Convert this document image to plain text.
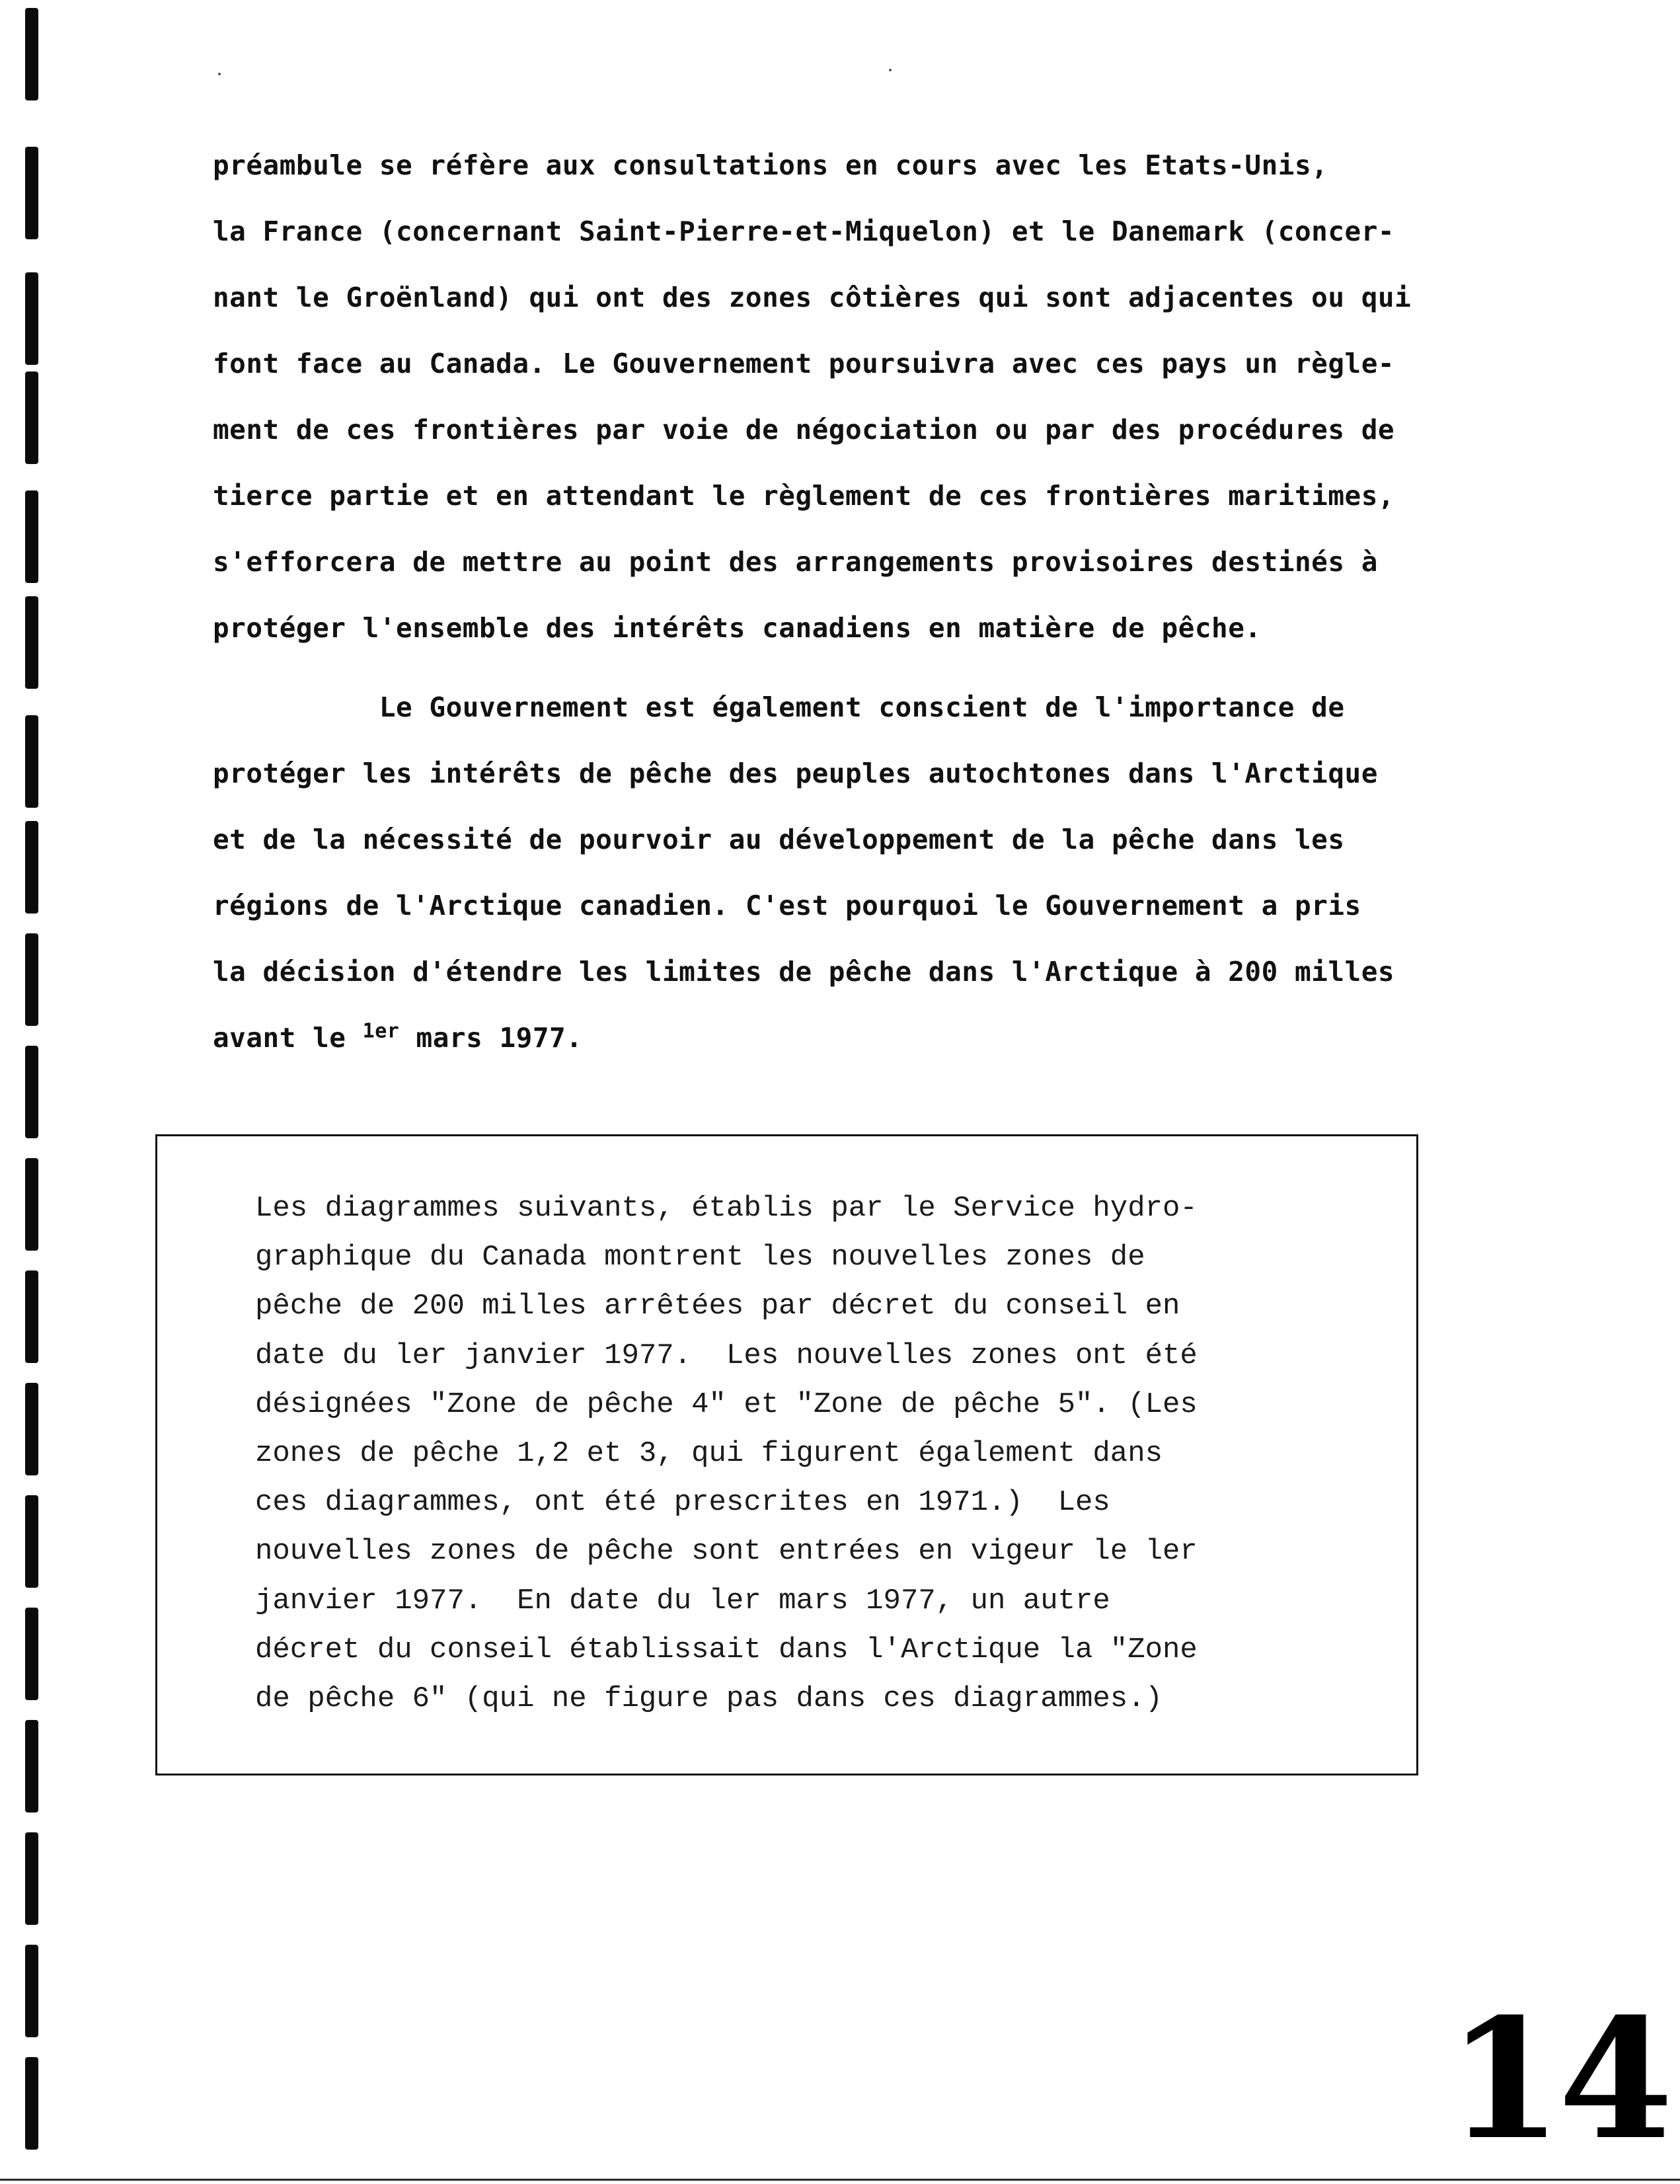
préambule se réfère aux consultations en cours avec les Etats-Unis,

la France (concernant Saint-Pierre-et-Miquelon) et le Danemark (concer-

nant le Groënland) qui ont des zones côtières qui sont adjacentes ou qui

font face au Canada. Le Gouvernement poursuivra avec ces pays un règle-

ment de ces frontières par voie de négociation ou par des procédures de

tierce partie et en attendant le règlement de ces frontières maritimes,

s'efforcera de mettre au point des arrangements provisoires destinés à

protéger l'ensemble des intérêts canadiens en matière de pêche.

Le Gouvernement est également conscient de l'importance de

protéger les intérêts de pêche des peuples autochtones dans l'Arctique

et de la nécessité de pourvoir au développement de la pêche dans les

régions de l'Arctique canadien. C'est pourquoi le Gouvernement a pris

la décision d'étendre les limites de pêche dans l'Arctique à 200 milles

avant le $^{1er}$ mars 1977.

Les diagrammes suivants, établis par le Service hydro-
graphique du Canada montrent les nouvelles zones de
pêche de 200 milles arrêtées par décret du conseil en
date du ler janvier 1977.  Les nouvelles zones ont été
désignées "Zone de pêche 4" et "Zone de pêche 5". (Les
zones de pêche 1,2 et 3, qui figurent également dans
ces diagrammes, ont été prescrites en 1971.)  Les
nouvelles zones de pêche sont entrées en vigeur le ler
janvier 1977.  En date du ler mars 1977, un autre
décret du conseil établissait dans l'Arctique la "Zone
de pêche 6" (qui ne figure pas dans ces diagrammes.)
14
